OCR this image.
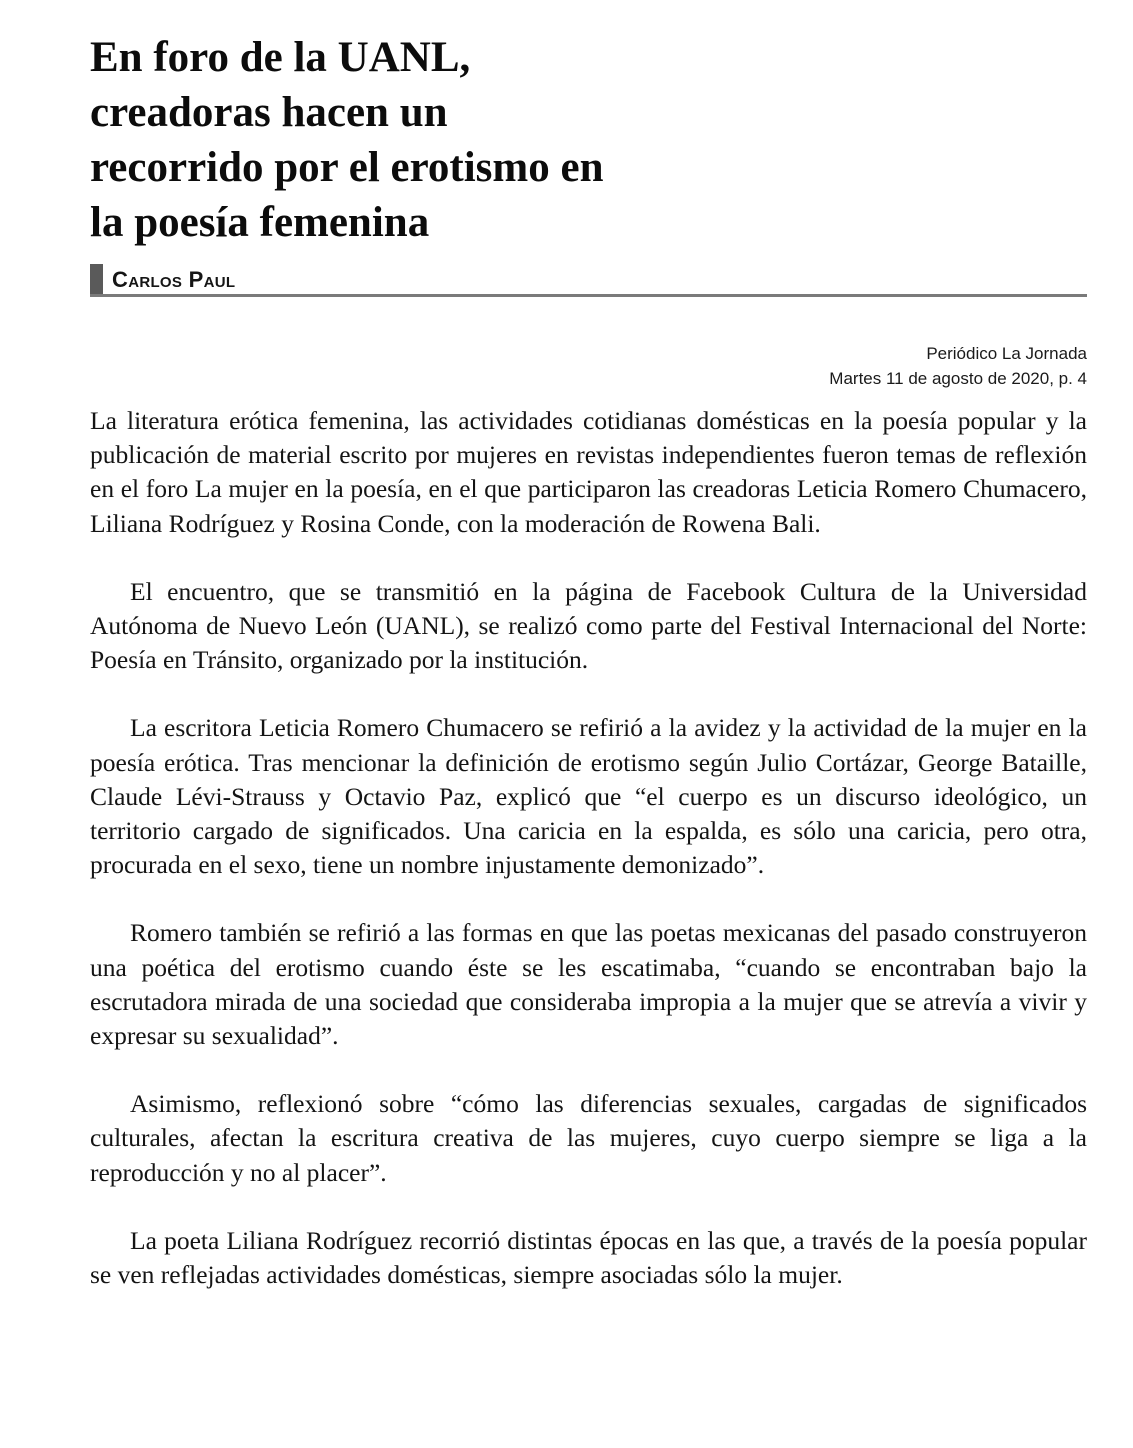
En foro de la UANL,
creadoras hacen un
recorrido por el erotismo en
la poesía femenina
Carlos Paul
Periódico La Jornada
Martes 11 de agosto de 2020, p. 4

La literatura erótica femenina, las actividades cotidianas domésticas en la poesía popular y la publicación de material escrito por mujeres en revistas independientes fueron temas de reflexión en el foro La mujer en la poesía, en el que participaron las creadoras Leticia Romero Chumacero, Liliana Rodríguez y Rosina Conde, con la moderación de Rowena Bali.

El encuentro, que se transmitió en la página de Facebook Cultura de la Universidad Autónoma de Nuevo León (UANL), se realizó como parte del Festival Internacional del Norte: Poesía en Tránsito, organizado por la institución.

La escritora Leticia Romero Chumacero se refirió a la avidez y la actividad de la mujer en la poesía erótica. Tras mencionar la definición de erotismo según Julio Cortázar, George Bataille, Claude Lévi-Strauss y Octavio Paz, explicó que “el cuerpo es un discurso ideológico, un territorio cargado de significados. Una caricia en la espalda, es sólo una caricia, pero otra, procurada en el sexo, tiene un nombre injustamente demonizado”.

Romero también se refirió a las formas en que las poetas mexicanas del pasado construyeron una poética del erotismo cuando éste se les escatimaba, “cuando se encontraban bajo la escrutadora mirada de una sociedad que consideraba impropia a la mujer que se atrevía a vivir y expresar su sexualidad”.

Asimismo, reflexionó sobre “cómo las diferencias sexuales, cargadas de significados culturales, afectan la escritura creativa de las mujeres, cuyo cuerpo siempre se liga a la reproducción y no al placer”.

La poeta Liliana Rodríguez recorrió distintas épocas en las que, a través de la poesía popular se ven reflejadas actividades domésticas, siempre asociadas sólo la mujer.
